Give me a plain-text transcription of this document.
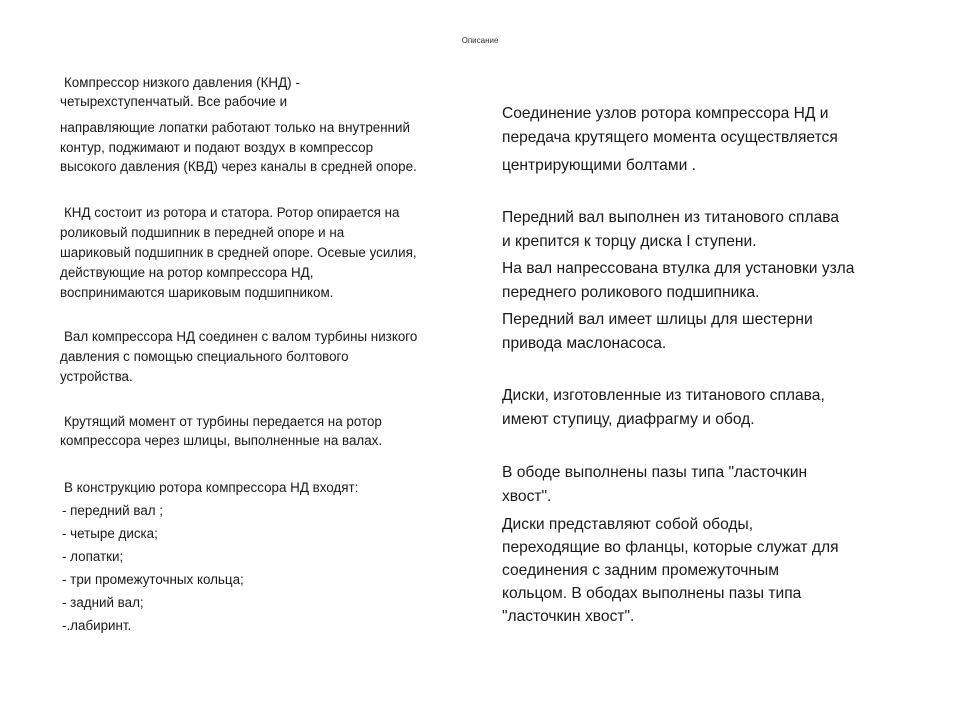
Описание
Компрессор низкого давления (КНД) -
четырехступенчатый. Все рабочие и
направляющие лопатки работают только на внутренний
контур, поджимают и подают воздух в компрессор
высокого давления (КВД) через каналы в средней опоре.
КНД состоит из ротора и статора. Ротор опирается на
роликовый подшипник в передней опоре и на
шариковый подшипник в средней опоре. Осевые усилия,
действующие на ротор компрессора НД,
воспринимаются шариковым подшипником.
Вал компрессора НД соединен с валом турбины низкого
давления с помощью специального болтового
устройства.
Крутящий момент от турбины передается на ротор
компрессора через шлицы, выполненные на валах.
В конструкцию ротора компрессора НД входят:
- передний вал ;
- четыре диска;
- лопатки;
- три промежуточных кольца;
- задний вал;
-.лабиринт.
Соединение узлов ротора компрессора НД и
передача крутящего момента осуществляется
центрирующими болтами .
Передний вал выполнен из титанового сплава
и крепится к торцу диска I ступени.
На вал напрессована втулка для установки узла
переднего роликового подшипника.
Передний вал имеет шлицы для шестерни
привода маслонасоса.
Диски, изготовленные из титанового сплава,
имеют ступицу, диафрагму и обод.
В ободе выполнены пазы типа "ласточкин
хвост".
Диски представляют собой ободы,
переходящие во фланцы, которые служат для
соединения с задним промежуточным
кольцом. В ободах выполнены пазы типа
"ласточкин хвост".
